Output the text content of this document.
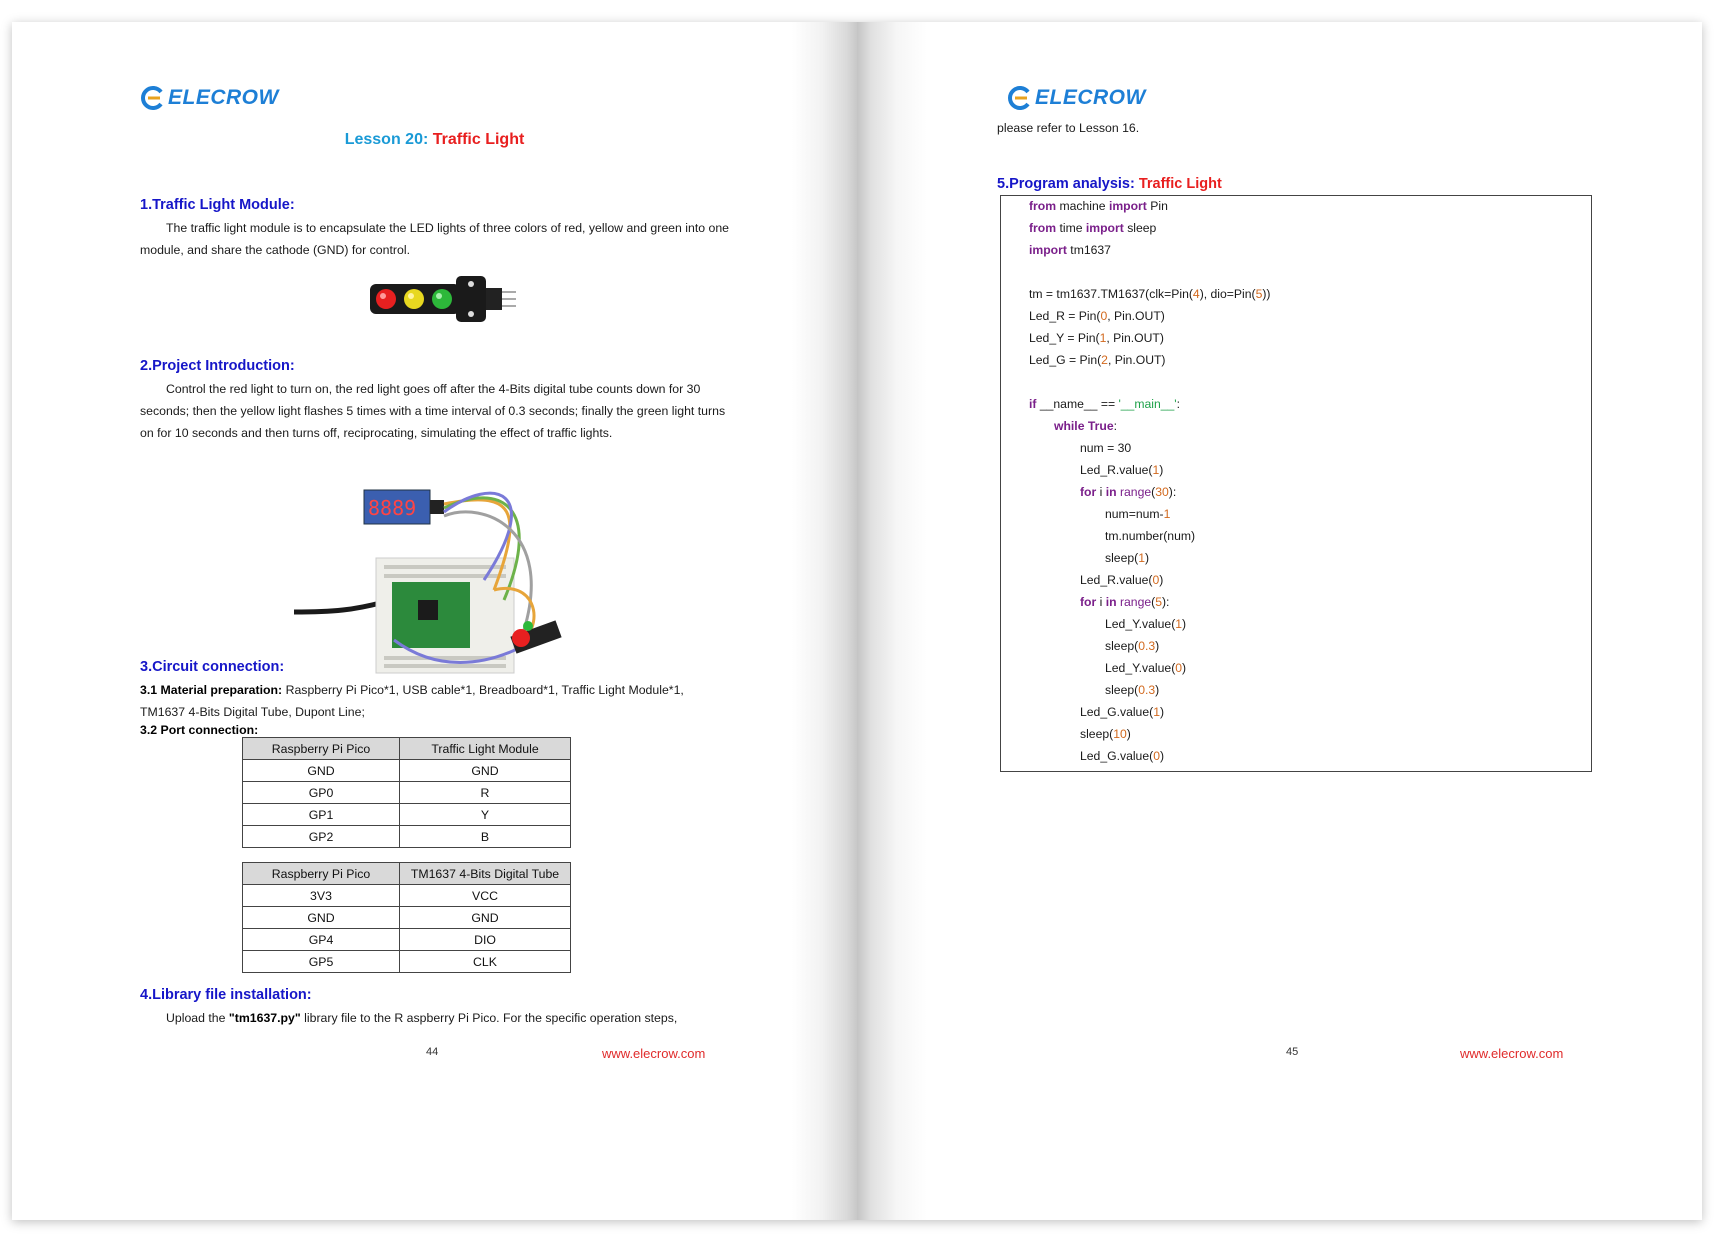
ELECROW
Lesson 20: Traffic Light
1.Traffic Light Module:
The traffic light module is to encapsulate the LED lights of three colors of red, yellow and green into one module, and share the cathode (GND) for control.
2.Project Introduction:
Control the red light to turn on, the red light goes off after the 4-Bits digital tube counts down for 30 seconds; then the yellow light flashes 5 times with a time interval of 0.3 seconds; finally the green light turns on for 10 seconds and then turns off, reciprocating, simulating the effect of traffic lights.
8889
3.Circuit connection:
3.1 Material preparation: Raspberry Pi Pico*1, USB cable*1, Breadboard*1, Traffic Light Module*1,
TM1637 4-Bits Digital Tube, Dupont Line;
3.2 Port connection:
Raspberry Pi Pico	Traffic Light Module
GND	GND
GP0	R
GP1	Y
GP2	B
Raspberry Pi Pico	TM1637 4-Bits Digital Tube
3V3	VCC
GND	GND
GP4	DIO
GP5	CLK
4.Library file installation:
Upload the "tm1637.py" library file to the R aspberry Pi Pico. For the specific operation steps,
44	www.elecrow.com
ELECROW
please refer to Lesson 16.
5.Program analysis: Traffic Light
from machine import Pin
from time import sleep
import tm1637
tm = tm1637.TM1637(clk=Pin(4), dio=Pin(5))
Led_R = Pin(0, Pin.OUT)
Led_Y = Pin(1, Pin.OUT)
Led_G = Pin(2, Pin.OUT)
if __name__ == '__main__':
while True:
num = 30
Led_R.value(1)
for i in range(30):
num=num-1
tm.number(num)
sleep(1)
Led_R.value(0)
for i in range(5):
Led_Y.value(1)
sleep(0.3)
Led_Y.value(0)
sleep(0.3)
Led_G.value(1)
sleep(10)
Led_G.value(0)
45	www.elecrow.com
